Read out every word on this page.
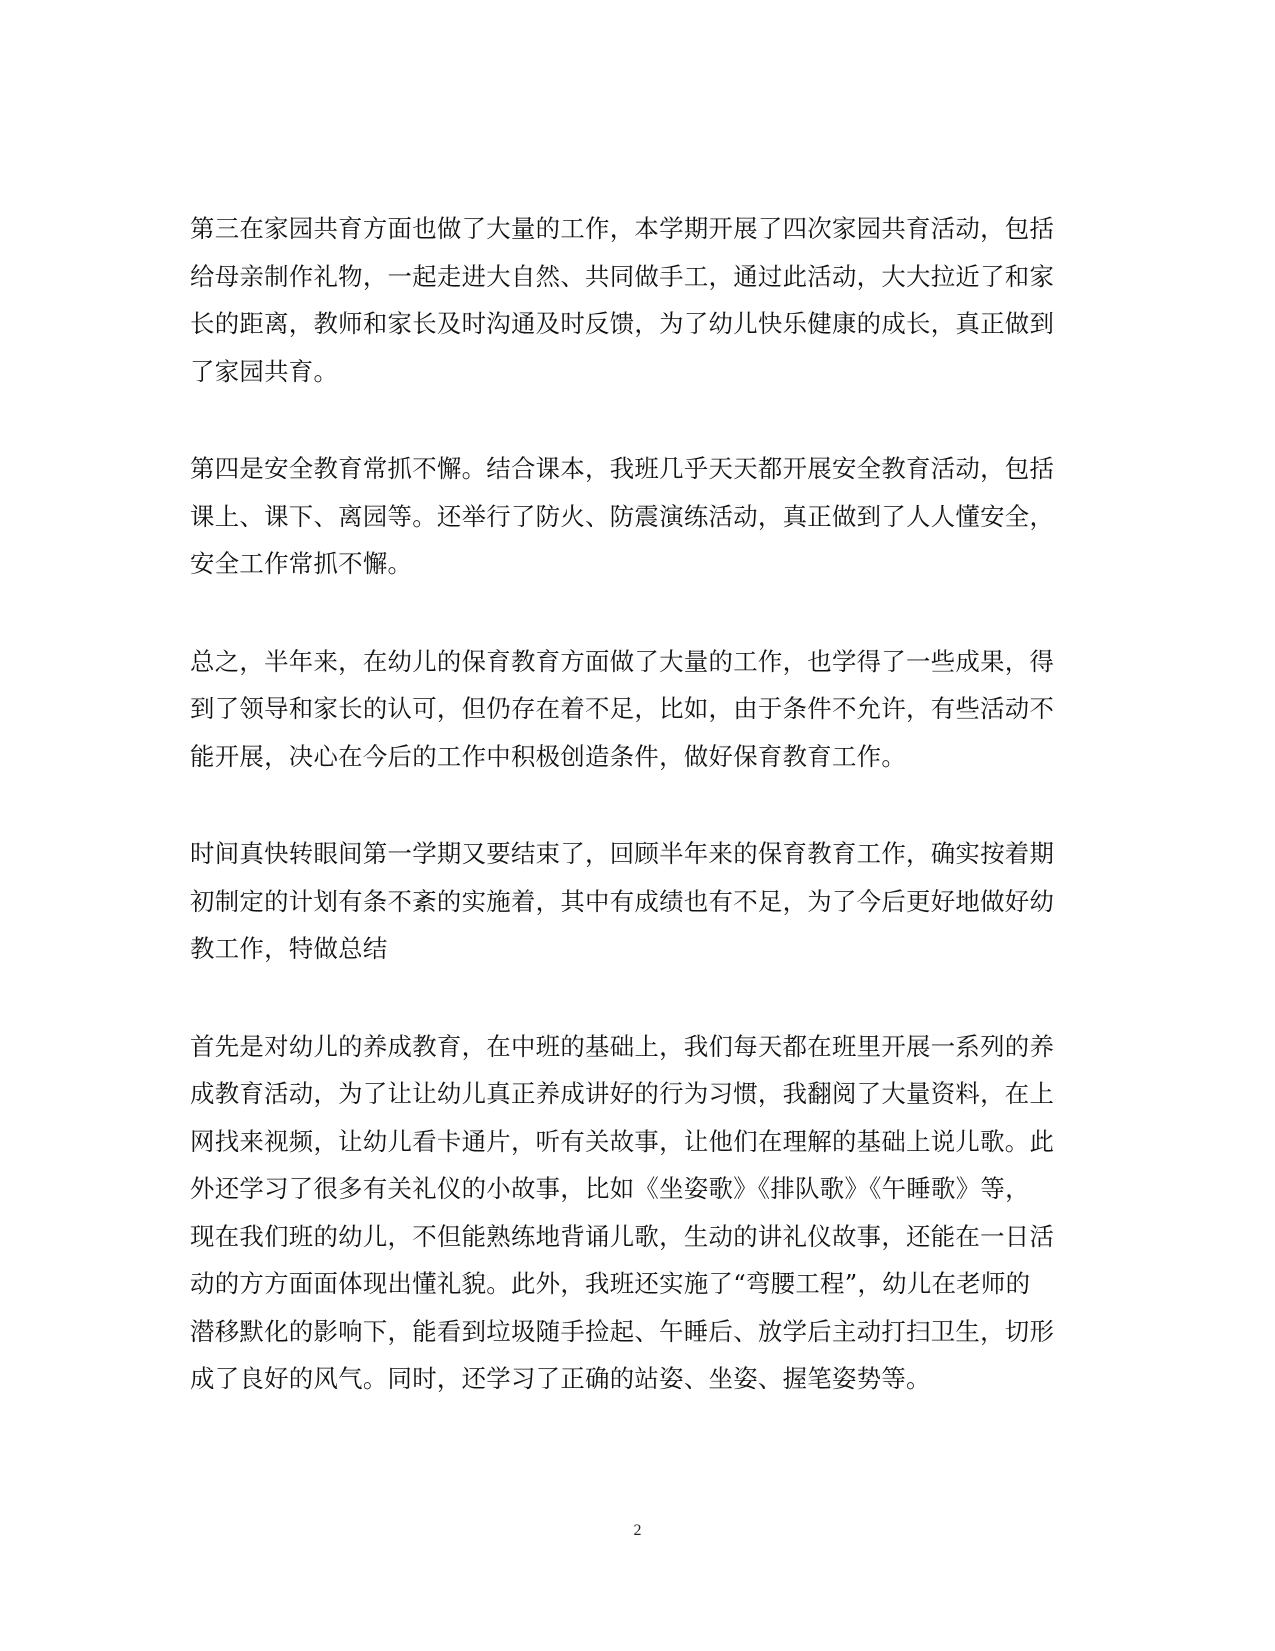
第三在家园共育方面也做了大量的工作，本学期开展了四次家园共育活动，包括
给母亲制作礼物，一起走进大自然、共同做手工，通过此活动，大大拉近了和家
长的距离，教师和家长及时沟通及时反馈，为了幼儿快乐健康的成长，真正做到
了家园共育。

第四是安全教育常抓不懈。结合课本，我班几乎天天都开展安全教育活动，包括
课上、课下、离园等。还举行了防火、防震演练活动，真正做到了人人懂安全，
安全工作常抓不懈。

总之，半年来，在幼儿的保育教育方面做了大量的工作，也学得了一些成果，得
到了领导和家长的认可，但仍存在着不足，比如，由于条件不允许，有些活动不
能开展，决心在今后的工作中积极创造条件，做好保育教育工作。

时间真快转眼间第一学期又要结束了，回顾半年来的保育教育工作，确实按着期
初制定的计划有条不紊的实施着，其中有成绩也有不足，为了今后更好地做好幼
教工作，特做总结

首先是对幼儿的养成教育，在中班的基础上，我们每天都在班里开展一系列的养
成教育活动，为了让让幼儿真正养成讲好的行为习惯，我翻阅了大量资料，在上
网找来视频，让幼儿看卡通片，听有关故事，让他们在理解的基础上说儿歌。此
外还学习了很多有关礼仪的小故事，比如《坐姿歌》《排队歌》《午睡歌》等，
现在我们班的幼儿，不但能熟练地背诵儿歌，生动的讲礼仪故事，还能在一日活
动的方方面面体现出懂礼貌。此外，我班还实施了“弯腰工程”，幼儿在老师的
潜移默化的影响下，能看到垃圾随手捡起、午睡后、放学后主动打扫卫生，切形
成了良好的风气。同时，还学习了正确的站姿、坐姿、握笔姿势等。

2
